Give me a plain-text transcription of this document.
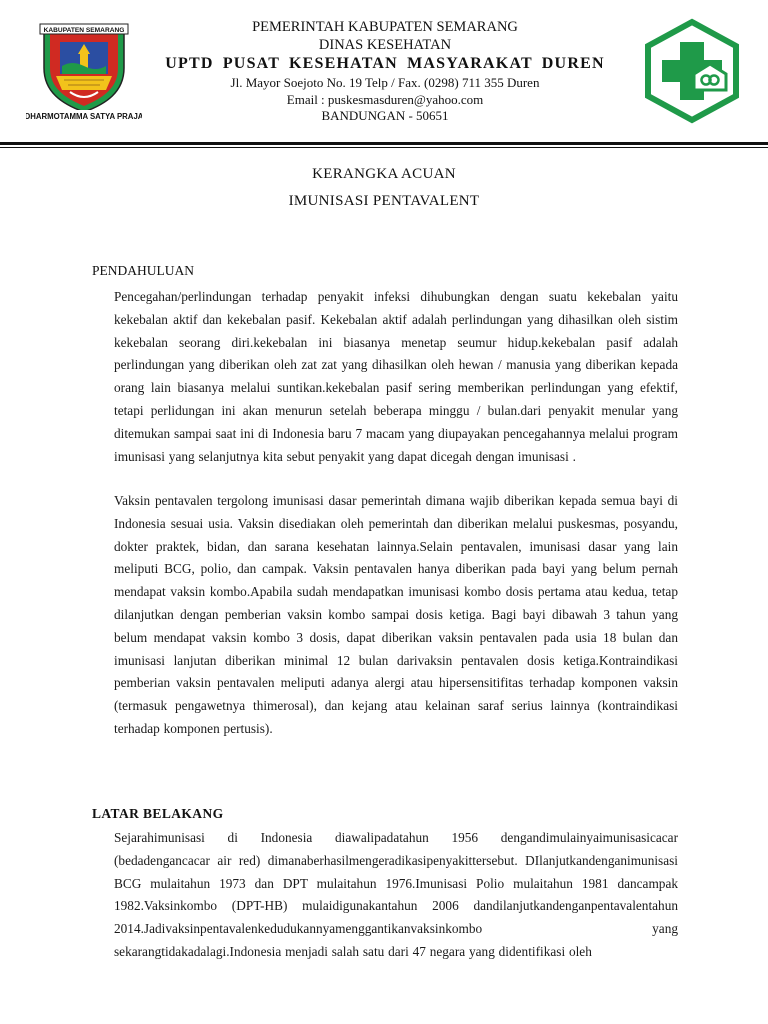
KABUPATEN SEMARANG
DHARMOTAMMA SATYA PRAJA
PEMERINTAH KABUPATEN SEMARANG
DINAS KESEHATAN
UPTD PUSAT KESEHATAN MASYARAKAT DUREN
Jl. Mayor Soejoto No. 19 Telp / Fax. (0298) 711 355 Duren
Email : puskesmasduren@yahoo.com
BANDUNGAN - 50651
KERANGKA ACUAN
IMUNISASI PENTAVALENT
PENDAHULUAN
Pencegahan/perlindungan terhadap penyakit infeksi dihubungkan dengan suatu kekebalan yaitu kekebalan aktif dan kekebalan pasif. Kekebalan aktif adalah perlindungan yang dihasilkan oleh sistim kekebalan seorang diri.kekebalan ini biasanya menetap seumur hidup.kekebalan pasif adalah perlindungan yang diberikan oleh zat zat yang dihasilkan oleh hewan / manusia yang diberikan kepada orang lain biasanya melalui suntikan.kekebalan pasif sering memberikan perlindungan yang efektif, tetapi perlidungan ini akan menurun setelah beberapa minggu / bulan.dari penyakit menular yang ditemukan sampai saat ini di Indonesia baru 7 macam yang diupayakan pencegahannya melalui program imunisasi yang selanjutnya kita sebut penyakit yang dapat dicegah dengan imunisasi .
Vaksin pentavalen tergolong imunisasi dasar pemerintah dimana wajib diberikan kepada semua bayi di Indonesia sesuai usia. Vaksin disediakan oleh pemerintah dan diberikan melalui puskesmas, posyandu, dokter praktek, bidan, dan sarana kesehatan lainnya.Selain pentavalen, imunisasi dasar yang lain meliputi BCG, polio, dan campak. Vaksin pentavalen hanya diberikan pada bayi yang belum pernah mendapat vaksin kombo.Apabila sudah mendapatkan imunisasi kombo dosis pertama atau kedua, tetap dilanjutkan dengan pemberian vaksin kombo sampai dosis ketiga. Bagi bayi dibawah 3 tahun yang belum mendapat vaksin kombo 3 dosis, dapat diberikan vaksin pentavalen pada usia 18 bulan dan imunisasi lanjutan diberikan minimal 12 bulan darivaksin pentavalen dosis ketiga.Kontraindikasi pemberian vaksin pentavalen meliputi adanya alergi atau hipersensitifitas terhadap komponen vaksin (termasuk pengawetnya thimerosal), dan kejang atau kelainan saraf serius lainnya (kontraindikasi terhadap komponen pertusis).
LATAR BELAKANG
Sejarahimunisasi di Indonesia diawalipadatahun 1956 dengandimulainyaimunisasicacar (bedadengancacar air red) dimanaberhasilmengeradikasipenyakittersebut. DIlanjutkandenganimunisasi BCG mulaitahun 1973 dan DPT mulaitahun 1976.Imunisasi Polio mulaitahun 1981 dancampak 1982.Vaksinkombo (DPT-HB) mulaidigunakantahun 2006 dandilanjutkandenganpentavalentahun 2014.Jadivaksinpentavalenkedudukannyamenggantikanvaksinkombo yang sekarangtidakadalagi.Indonesia menjadi salah satu dari 47 negara yang didentifikasi oleh
